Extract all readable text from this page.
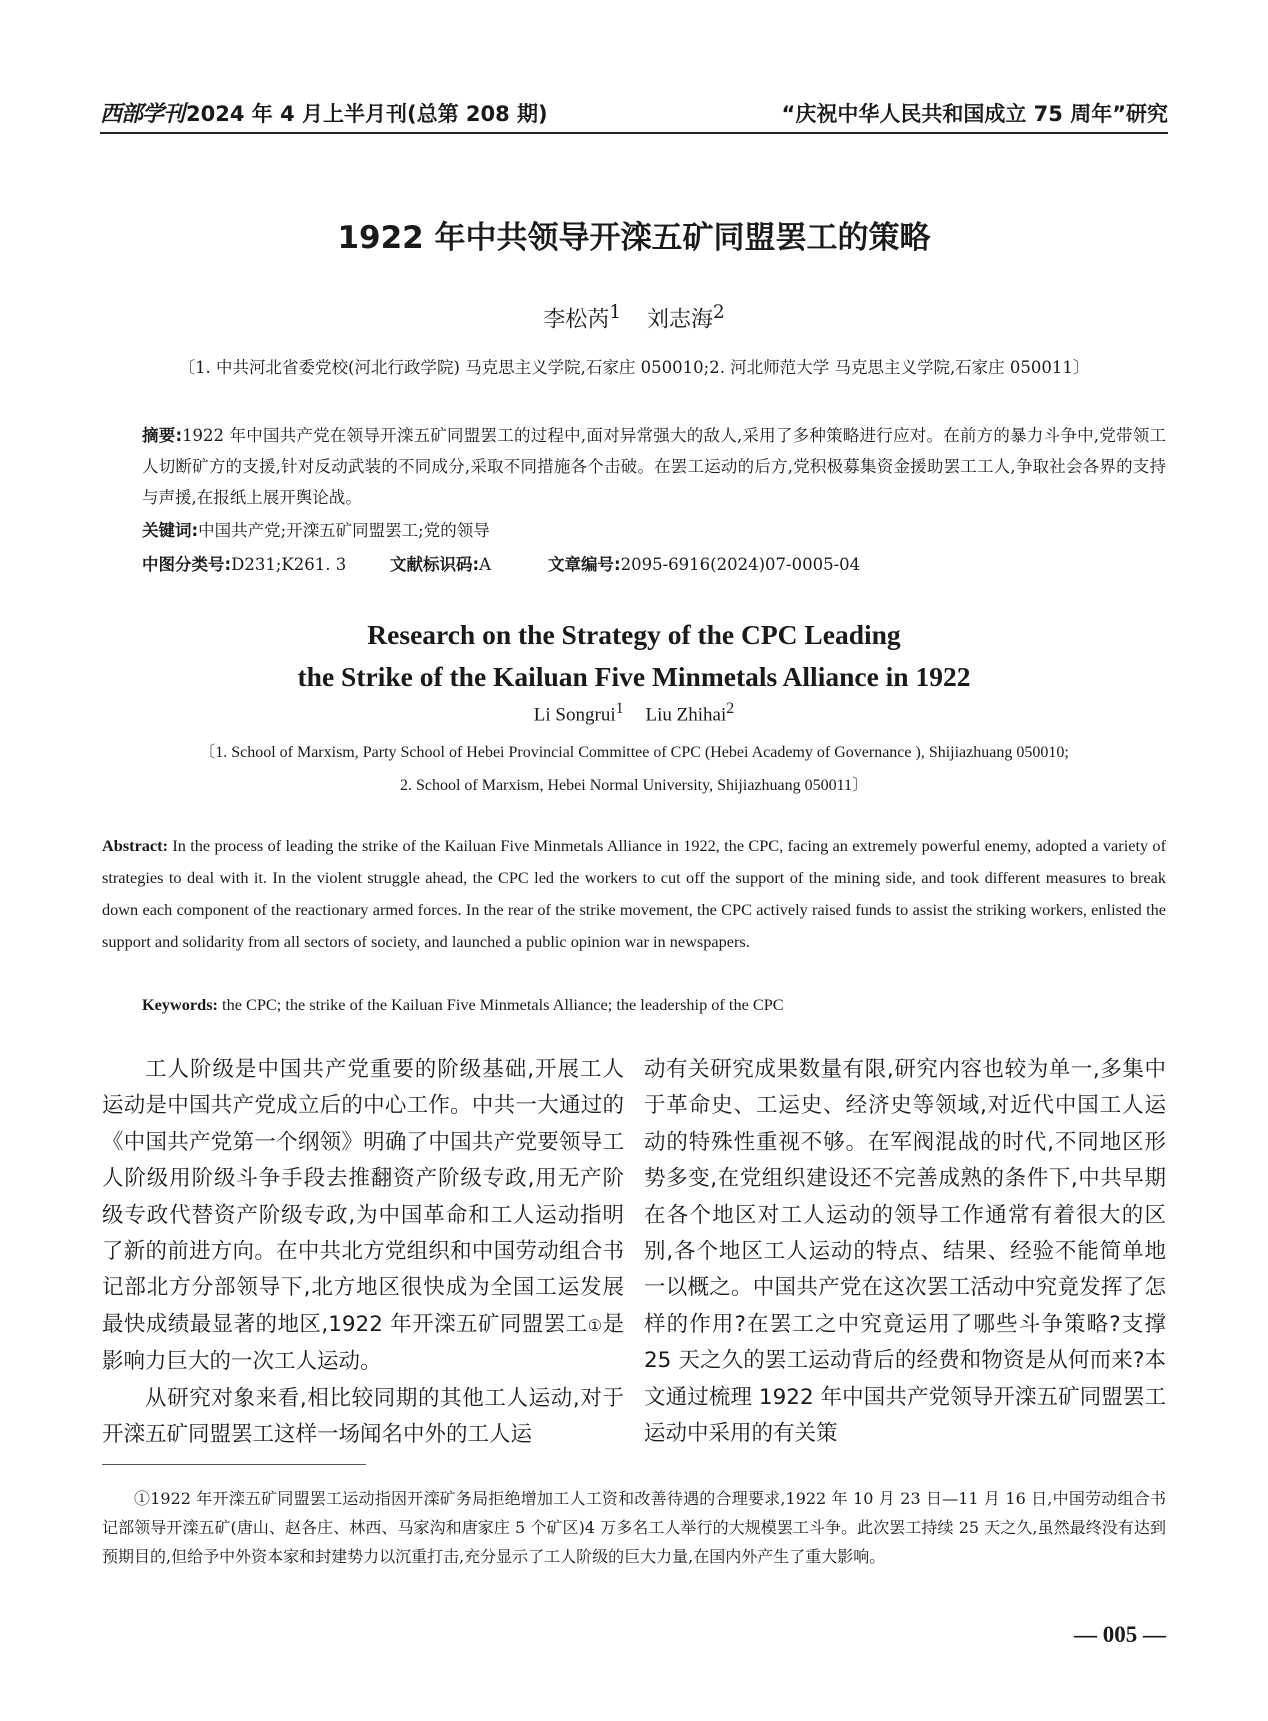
西部学刊 2024 年 4 月上半月刊(总第 208 期)	“庆祝中华人民共和国成立 75 周年”研究
1922 年中共领导开滦五矿同盟罢工的策略
李松芮$^1$ 刘志海$^2$
〔1. 中共河北省委党校(河北行政学院) 马克思主义学院,石家庄 050010;2. 河北师范大学 马克思主义学院,石家庄 050011〕
摘要:1922 年中国共产党在领导开滦五矿同盟罢工的过程中,面对异常强大的敌人,采用了多种策略进行应对。在前方的暴力斗争中,党带领工人切断矿方的支援,针对反动武装的不同成分,采取不同措施各个击破。在罢工运动的后方,党积极募集资金援助罢工工人,争取社会各界的支持与声援,在报纸上展开舆论战。
关键词:中国共产党;开滦五矿同盟罢工;党的领导
中图分类号:D231;K261. 3	文献标识码:A	文章编号:2095-6916(2024)07-0005-04
Research on the Strategy of the CPC Leading
the Strike of the Kailuan Five Minmetals Alliance in 1922
Li Songrui$^1$ Liu Zhihai$^2$
〔1. School of Marxism, Party School of Hebei Provincial Committee of CPC (Hebei Academy of Governance ), Shijiazhuang 050010;
2. School of Marxism, Hebei Normal University, Shijiazhuang 050011〕
Abstract: In the process of leading the strike of the Kailuan Five Minmetals Alliance in 1922, the CPC, facing an extremely powerful enemy, adopted a variety of strategies to deal with it. In the violent struggle ahead, the CPC led the workers to cut off the support of the mining side, and took different measures to break down each component of the reactionary armed forces. In the rear of the strike movement, the CPC actively raised funds to assist the striking workers, enlisted the support and solidarity from all sectors of society, and launched a public opinion war in newspapers.
Keywords: the CPC; the strike of the Kailuan Five Minmetals Alliance; the leadership of the CPC

工人阶级是中国共产党重要的阶级基础,开展工人运动是中国共产党成立后的中心工作。中共一大通过的《中国共产党第一个纲领》明确了中国共产党要领导工人阶级用阶级斗争手段去推翻资产阶级专政,用无产阶级专政代替资产阶级专政,为中国革命和工人运动指明了新的前进方向。在中共北方党组织和中国劳动组合书记部北方分部领导下,北方地区很快成为全国工运发展最快成绩最显著的地区,1922 年开滦五矿同盟罢工①是影响力巨大的一次工人运动。

从研究对象来看,相比较同期的其他工人运动,对于开滦五矿同盟罢工这样一场闻名中外的工人运

动有关研究成果数量有限,研究内容也较为单一,多集中于革命史、工运史、经济史等领域,对近代中国工人运动的特殊性重视不够。在军阀混战的时代,不同地区形势多变,在党组织建设还不完善成熟的条件下,中共早期在各个地区对工人运动的领导工作通常有着很大的区别,各个地区工人运动的特点、结果、经验不能简单地一以概之。中国共产党在这次罢工活动中究竟发挥了怎样的作用?在罢工之中究竟运用了哪些斗争策略?支撑 25 天之久的罢工运动背后的经费和物资是从何而来?本文通过梳理 1922 年中国共产党领导开滦五矿同盟罢工运动中采用的有关策

①1922 年开滦五矿同盟罢工运动指因开滦矿务局拒绝增加工人工资和改善待遇的合理要求,1922 年 10 月 23 日—11 月 16 日,中国劳动组合书记部领导开滦五矿(唐山、赵各庄、林西、马家沟和唐家庄 5 个矿区)4 万多名工人举行的大规模罢工斗争。此次罢工持续 25 天之久,虽然最终没有达到预期目的,但给予中外资本家和封建势力以沉重打击,充分显示了工人阶级的巨大力量,在国内外产生了重大影响。
— 005 —
